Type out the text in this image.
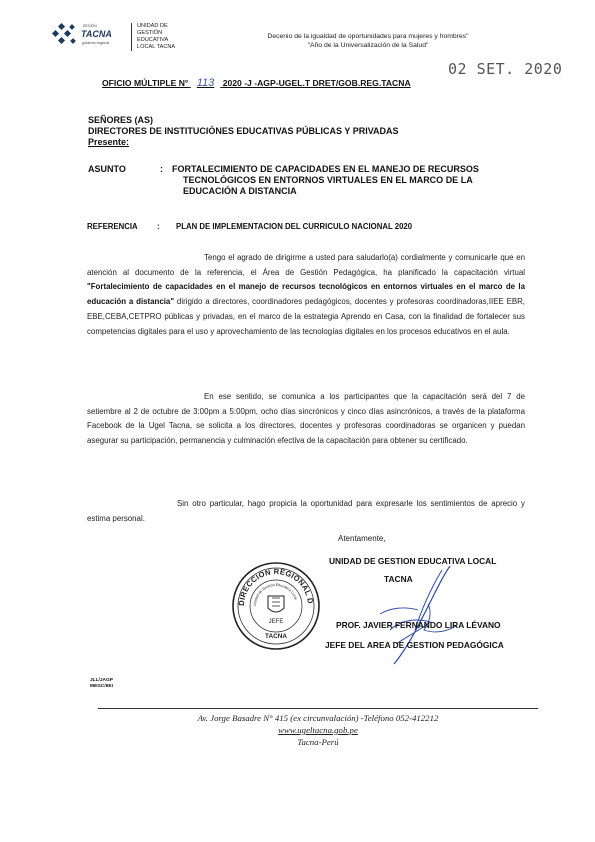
REGIÓN
TACNA
gobierno regional
UNIDAD DE
GESTIÓN
EDUCATIVA
LOCAL TACNA
Decenio de la igualdad de oportunidades para mujeres y hombres"
"Año de la Universalización de la Salud"
02 SET. 2020
OFICIO MÚLTIPLE N° 113 2020 -J -AGP-UGEL.T DRET/GOB.REG.TACNA
SEÑORES (AS)
DIRECTORES DE INSTITUCIÓNES EDUCATIVAS PÚBLICAS Y PRIVADAS
Presente:
ASUNTO	: FORTALECIMIENTO DE CAPACIDADES EN EL MANEJO DE RECURSOS
TECNOLÓGICOS EN ENTORNOS VIRTUALES EN EL MARCO DE LA
EDUCACIÓN A DISTANCIA
REFERENCIA : PLAN DE IMPLEMENTACION DEL CURRICULO NACIONAL 2020
Tengo el agrado de dirigirme a usted para saludarlo(a) cordialmente y comunicarle que en atención al documento de la referencia, el Área de Gestión Pedagógica, ha planificado la capacitación virtual "Fortalecimiento de capacidades en el manejo de recursos tecnológicos en entornos virtuales en el marco de la educación a distancia" dirigido a directores, coordinadores pedagógicos, docentes y profesoras coordinadoras,IIEE EBR, EBE,CEBA,CETPRO públicas y privadas, en el marco de la estrategia Aprendo en Casa, con la finalidad de fortalecer sus competencias digitales para el uso y aprovechamiento de las tecnologías digitales en los procesos educativos en el aula.
En ese sentido, se comunica a los participantes que la capacitación será del 7 de setiembre al 2 de octubre de 3:00pm a 5:00pm, ocho días sincrónicos y cinco días asincrónicos, a través de la plataforma Facebook de la Ugel Tacna, se solicita a los directores, docentes y profesoras coordinadoras se organicen y puedan asegurar su participación, permanencia y culminación efectiva de la capacitación para obtener su certificado.
Sin otro particular, hago propicia la oportunidad para expresarle los sentimientos de aprecio y estima personal.
Atentamente,
UNIDAD DE GESTION EDUCATIVA LOCAL
TACNA
DIRECCION REGIONAL D
Unidad de Gestión Educativa Local
JEFE
TACNA
PROF. JAVIER FERNANDO LIRA LÉVANO
JEFE DEL AREA DE GESTION PEDAGÓGICA
JLL/JAGP
MEGC/IIEI
Av. Jorge Basadre N° 415 (ex circunvalación) -Teléfono 052-412212
www.ugeltacna.gob.pe
Tacna-Perú
